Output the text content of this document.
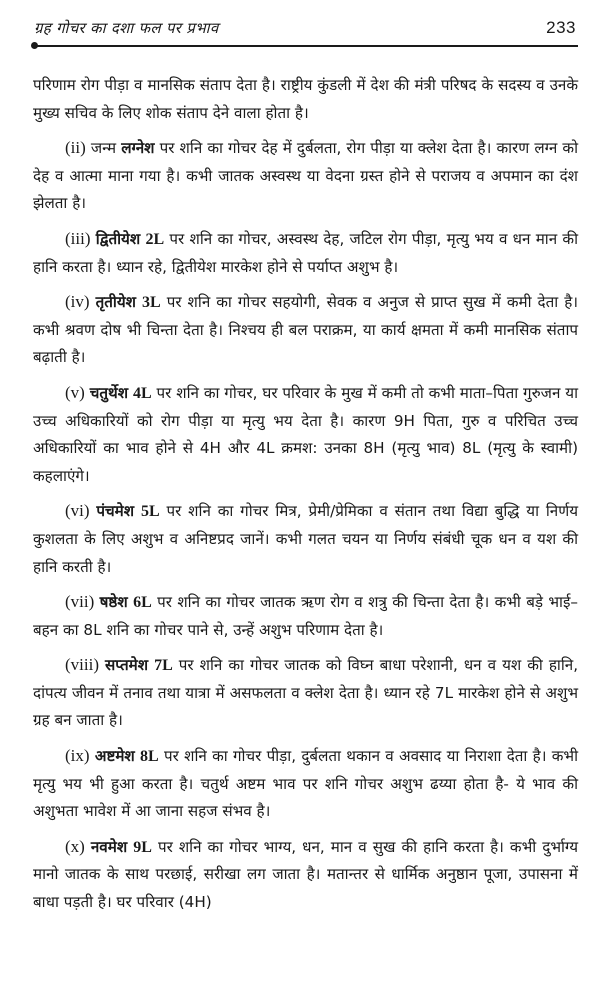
ग्रह गोचर का दशा फल पर प्रभाव	233

परिणाम रोग पीड़ा व मानसिक संताप देता है। राष्ट्रीय कुंडली में देश की मंत्री परिषद के सदस्य व उनके मुख्य सचिव के लिए शोक संताप देने वाला होता है।

(ii) जन्म लग्नेश पर शनि का गोचर देह में दुर्बलता, रोग पीड़ा या क्लेश देता है। कारण लग्न को देह व आत्मा माना गया है। कभी जातक अस्वस्थ या वेदना ग्रस्त होने से पराजय व अपमान का दंश झेलता है।

(iii) द्वितीयेश 2L पर शनि का गोचर, अस्वस्थ देह, जटिल रोग पीड़ा, मृत्यु भय व धन मान की हानि करता है। ध्यान रहे, द्वितीयेश मारकेश होने से पर्याप्त अशुभ है।

(iv) तृतीयेश 3L पर शनि का गोचर सहयोगी, सेवक व अनुज से प्राप्त सुख में कमी देता है। कभी श्रवण दोष भी चिन्ता देता है। निश्चय ही बल पराक्रम, या कार्य क्षमता में कमी मानसिक संताप बढ़ाती है।

(v) चतुर्थेश 4L पर शनि का गोचर, घर परिवार के मुख में कमी तो कभी माता–पिता गुरुजन या उच्च अधिकारियों को रोग पीड़ा या मृत्यु भय देता है। कारण 9H पिता, गुरु व परिचित उच्च अधिकारियों का भाव होने से 4H और 4L क्रमश: उनका 8H (मृत्यु भाव) 8L (मृत्यु के स्वामी) कहलाएंगे।

(vi) पंचमेश 5L पर शनि का गोचर मित्र, प्रेमी/प्रेमिका व संतान तथा विद्या बुद्धि या निर्णय कुशलता के लिए अशुभ व अनिष्टप्रद जानें। कभी गलत चयन या निर्णय संबंधी चूक धन व यश की हानि करती है।

(vii) षष्ठेश 6L पर शनि का गोचर जातक ऋण रोग व शत्रु की चिन्ता देता है। कभी बड़े भाई–बहन का 8L शनि का गोचर पाने से, उन्हें अशुभ परिणाम देता है।

(viii) सप्तमेश 7L पर शनि का गोचर जातक को विघ्न बाधा परेशानी, धन व यश की हानि, दांपत्य जीवन में तनाव तथा यात्रा में असफलता व क्लेश देता है। ध्यान रहे 7L मारकेश होने से अशुभ ग्रह बन जाता है।

(ix) अष्टमेश 8L पर शनि का गोचर पीड़ा, दुर्बलता थकान व अवसाद या निराशा देता है। कभी मृत्यु भय भी हुआ करता है। चतुर्थ अष्टम भाव पर शनि गोचर अशुभ ढय्या होता है- ये भाव की अशुभता भावेश में आ जाना सहज संभव है।

(x) नवमेश 9L पर शनि का गोचर भाग्य, धन, मान व सुख की हानि करता है। कभी दुर्भाग्य मानो जातक के साथ परछाई, सरीखा लग जाता है। मतान्तर से धार्मिक अनुष्ठान पूजा, उपासना में बाधा पड़ती है। घर परिवार (4H)
